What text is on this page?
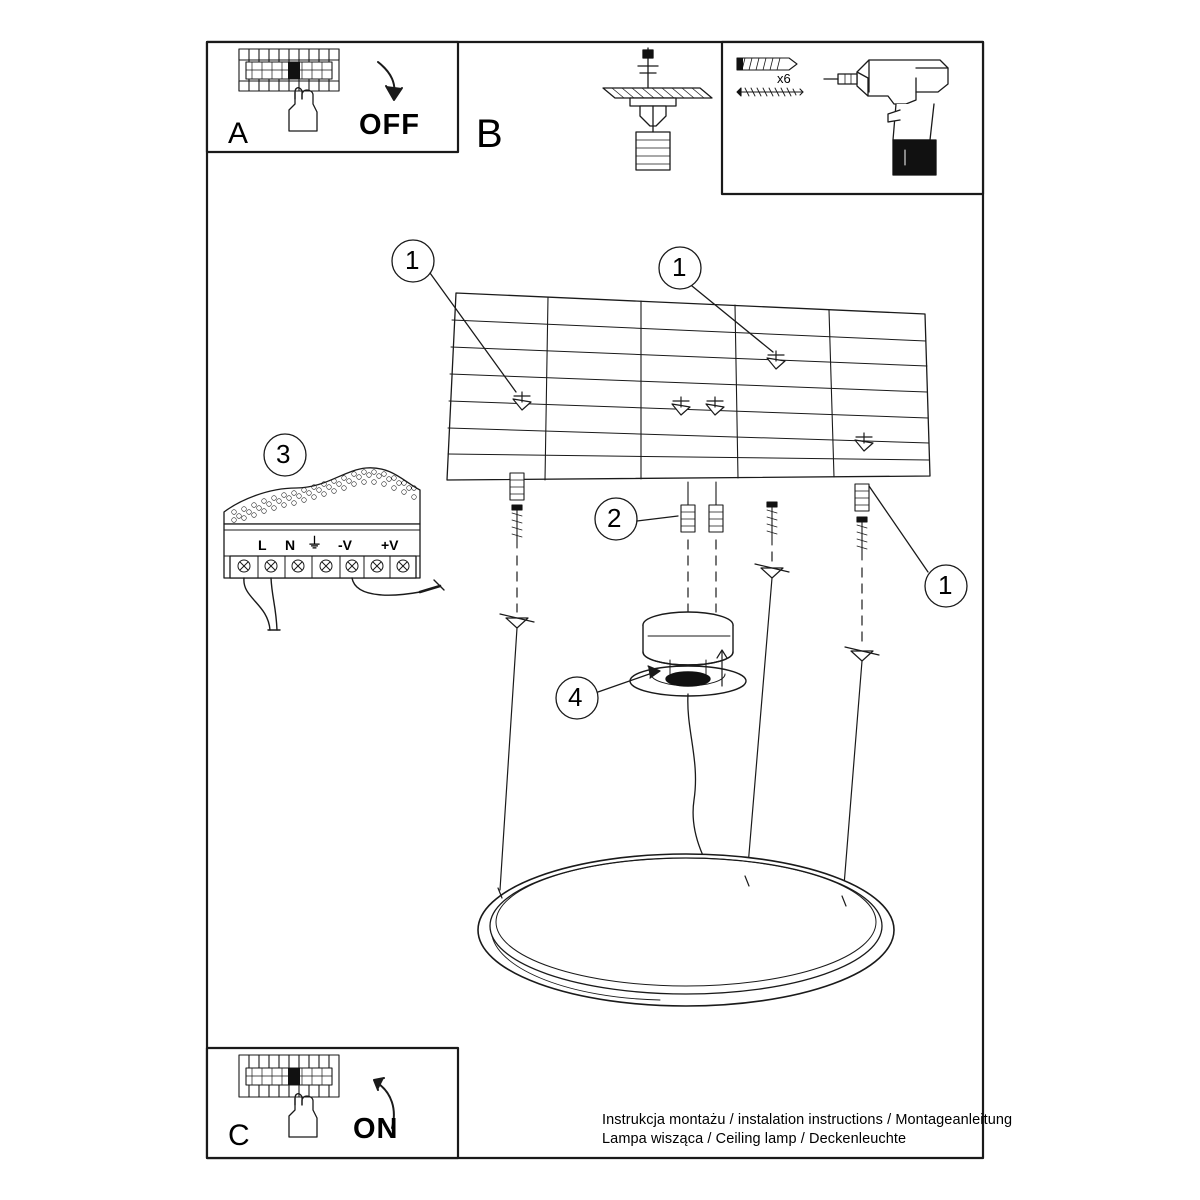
A	OFF B
C	ON
x6
1	1
1
2
3
4
L N ⏚ -V +V
Instrukcja montażu / instalation instructions / Montageanleitung
Lampa wisząca / Ceiling lamp / Deckenleuchte
